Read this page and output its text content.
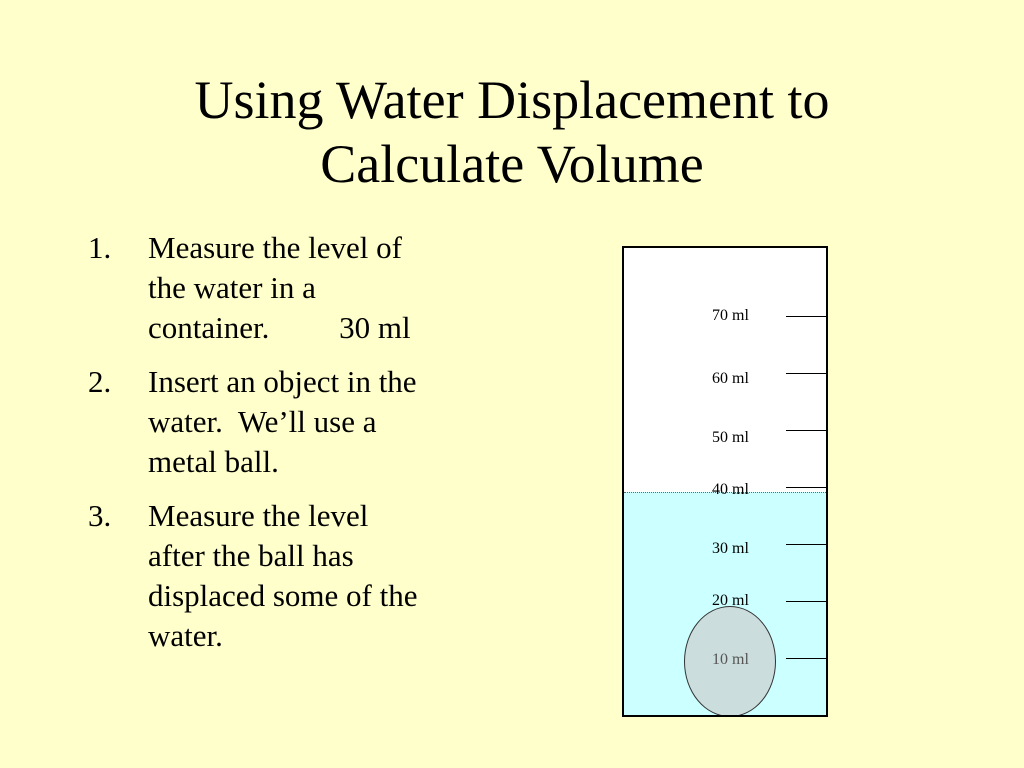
Using Water Displacement to
Calculate Volume
1. Measure the level of
the water in a
container.         30 ml
2. Insert an object in the
water.  We’ll use a
metal ball.
3. Measure the level
after the ball has
displaced some of the
water.
70 ml
60 ml
50 ml
40 ml
30 ml
20 ml
10 ml
